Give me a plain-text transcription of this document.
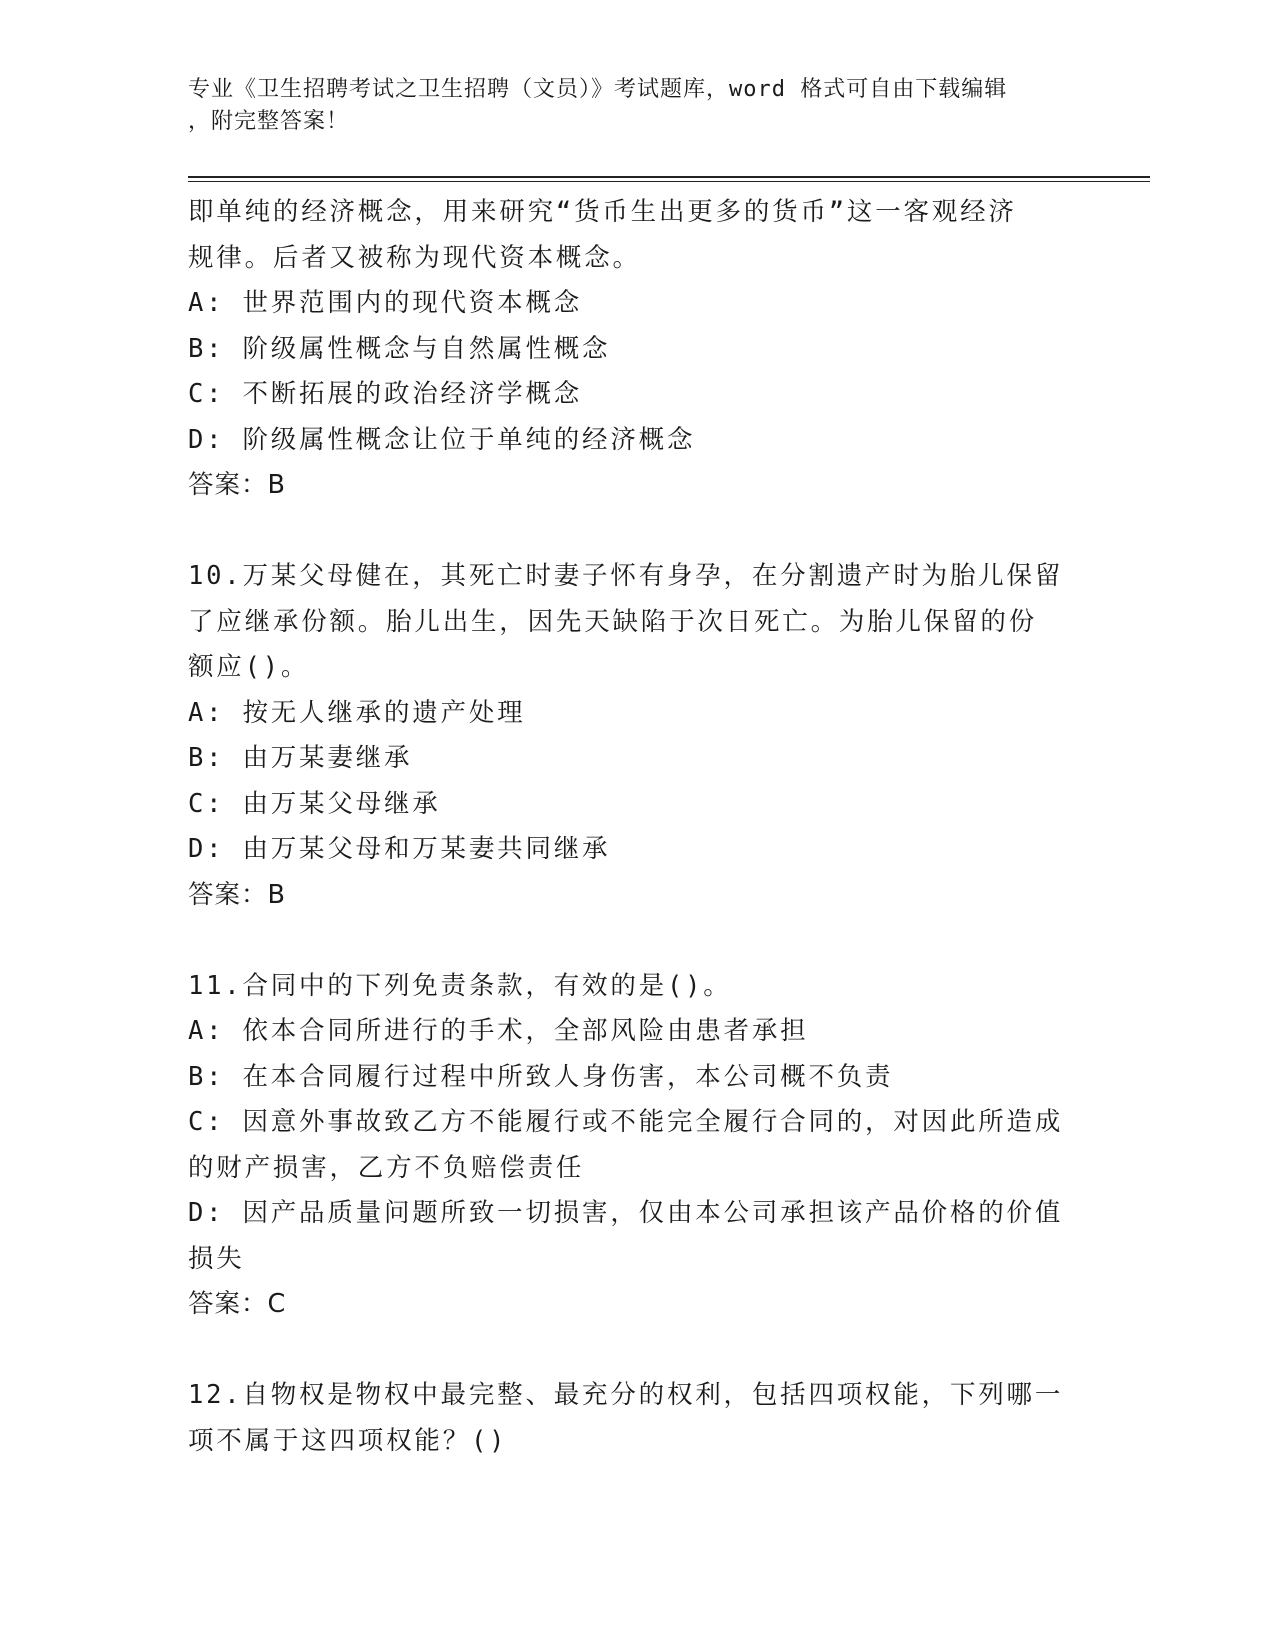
专业《卫生招聘考试之卫生招聘（文员）》考试题库，word 格式可自由下载编辑
，附完整答案！

即单纯的经济概念，用来研究“货币生出更多的货币”这一客观经济

规律。后者又被称为现代资本概念。

A: 世界范围内的现代资本概念

B: 阶级属性概念与自然属性概念

C: 不断拓展的政治经济学概念

D: 阶级属性概念让位于单纯的经济概念

答案：B

10.万某父母健在，其死亡时妻子怀有身孕，在分割遗产时为胎儿保留

了应继承份额。胎儿出生，因先天缺陷于次日死亡。为胎儿保留的份

额应()。

A: 按无人继承的遗产处理

B: 由万某妻继承

C: 由万某父母继承

D: 由万某父母和万某妻共同继承

答案：B

11.合同中的下列免责条款，有效的是()。

A: 依本合同所进行的手术，全部风险由患者承担

B: 在本合同履行过程中所致人身伤害，本公司概不负责

C: 因意外事故致乙方不能履行或不能完全履行合同的，对因此所造成

的财产损害，乙方不负赔偿责任

D: 因产品质量问题所致一切损害，仅由本公司承担该产品价格的价值

损失

答案：C

12.自物权是物权中最完整、最充分的权利，包括四项权能，下列哪一

项不属于这四项权能？()
